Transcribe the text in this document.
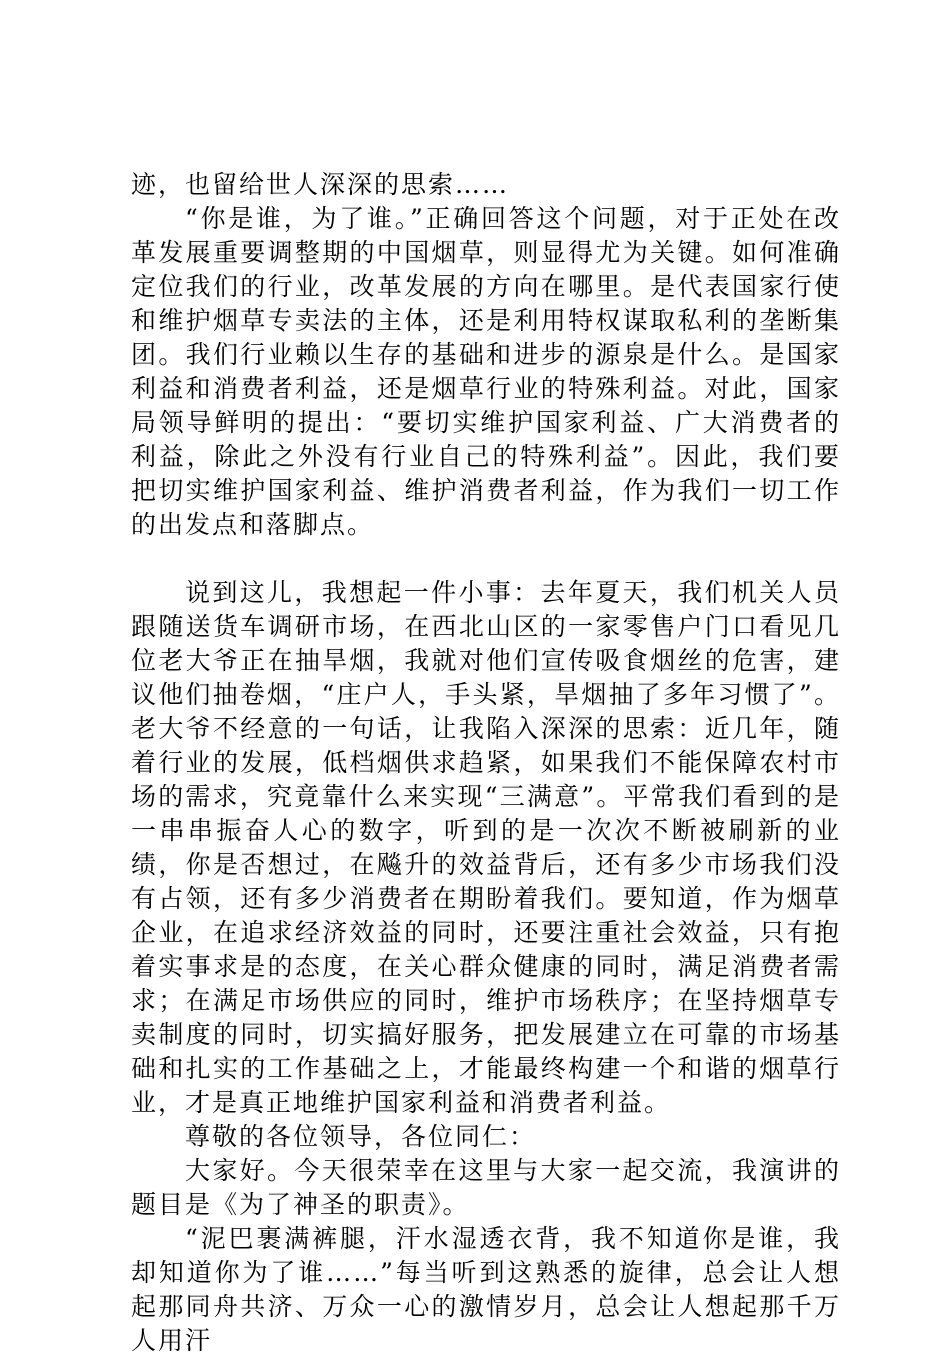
迹，也留给世人深深的思索……

“你是谁，为了谁。”正确回答这个问题，对于正处在改革发展重要调整期的中国烟草，则显得尤为关键。如何准确定位我们的行业，改革发展的方向在哪里。是代表国家行使和维护烟草专卖法的主体，还是利用特权谋取私利的垄断集团。我们行业赖以生存的基础和进步的源泉是什么。是国家利益和消费者利益，还是烟草行业的特殊利益。对此，国家局领导鲜明的提出：“要切实维护国家利益、广大消费者的利益，除此之外没有行业自己的特殊利益”。因此，我们要把切实维护国家利益、维护消费者利益，作为我们一切工作的出发点和落脚点。

说到这儿，我想起一件小事：去年夏天，我们机关人员跟随送货车调研市场，在西北山区的一家零售户门口看见几位老大爷正在抽旱烟，我就对他们宣传吸食烟丝的危害，建议他们抽卷烟，“庄户人，手头紧，旱烟抽了多年习惯了”。老大爷不经意的一句话，让我陷入深深的思索：近几年，随着行业的发展，低档烟供求趋紧，如果我们不能保障农村市场的需求，究竟靠什么来实现“三满意”。平常我们看到的是一串串振奋人心的数字，听到的是一次次不断被刷新的业绩，你是否想过，在飚升的效益背后，还有多少市场我们没有占领，还有多少消费者在期盼着我们。要知道，作为烟草企业，在追求经济效益的同时，还要注重社会效益，只有抱着实事求是的态度，在关心群众健康的同时，满足消费者需求；在满足市场供应的同时，维护市场秩序；在坚持烟草专卖制度的同时，切实搞好服务，把发展建立在可靠的市场基础和扎实的工作基础之上，才能最终构建一个和谐的烟草行业，才是真正地维护国家利益和消费者利益。

尊敬的各位领导，各位同仁：

大家好。今天很荣幸在这里与大家一起交流，我演讲的题目是《为了神圣的职责》。

“泥巴裹满裤腿，汗水湿透衣背，我不知道你是谁，我却知道你为了谁……”每当听到这熟悉的旋律，总会让人想起那同舟共济、万众一心的激情岁月，总会让人想起那千万人用汗
